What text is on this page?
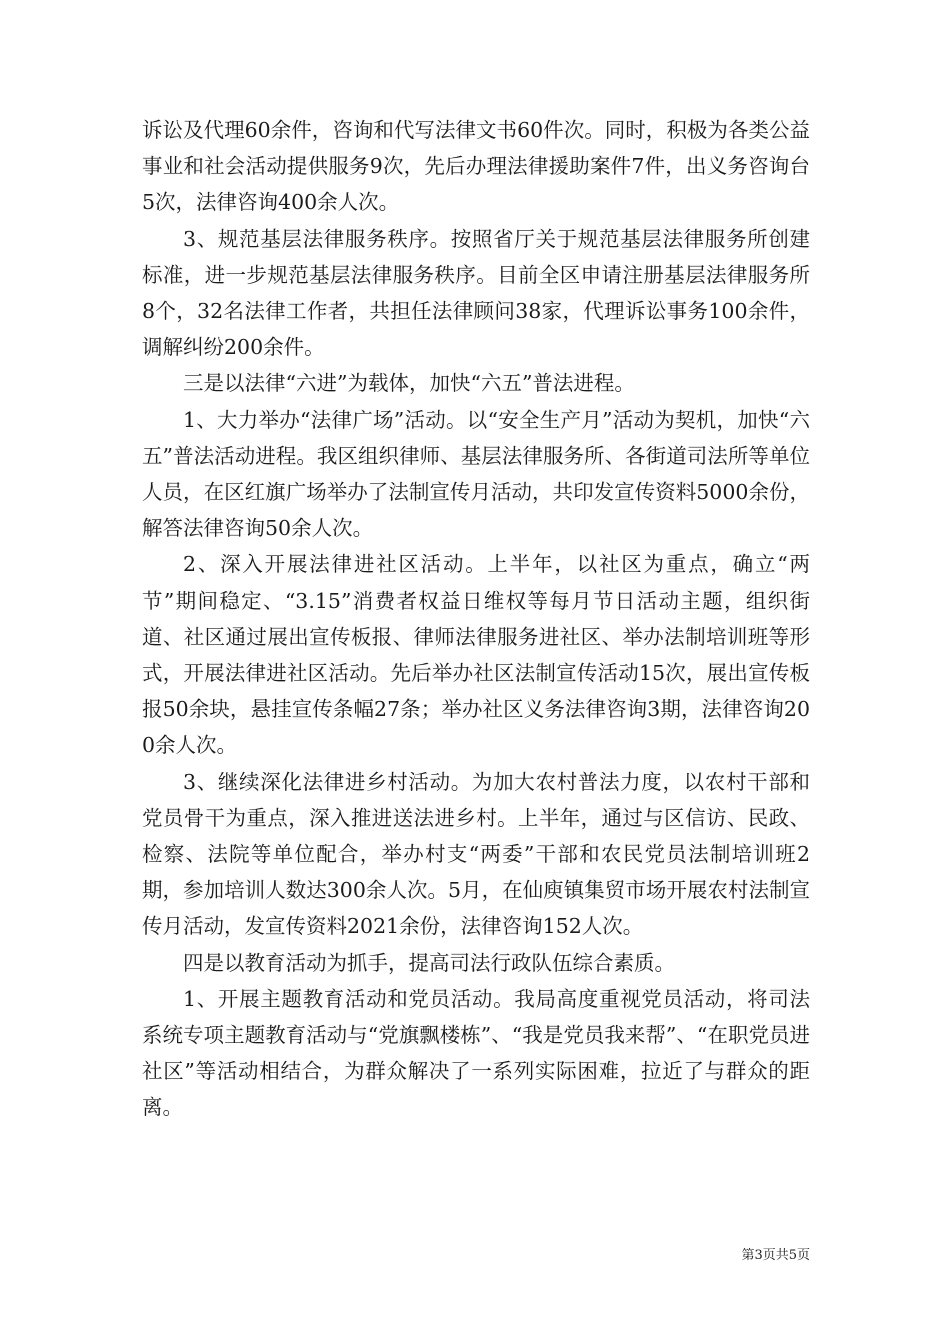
诉讼及代理60余件，咨询和代写法律文书60件次。同时，积极为各类公益事业和社会活动提供服务9次，先后办理法律援助案件7件，出义务咨询台5次，法律咨询400余人次。

3、规范基层法律服务秩序。按照省厅关于规范基层法律服务所创建标准，进一步规范基层法律服务秩序。目前全区申请注册基层法律服务所8个，32名法律工作者，共担任法律顾问38家，代理诉讼事务100余件，调解纠纷200余件。

三是以法律“六进”为载体，加快“六五”普法进程。

1、大力举办“法律广场”活动。以“安全生产月”活动为契机，加快“六五”普法活动进程。我区组织律师、基层法律服务所、各街道司法所等单位人员，在区红旗广场举办了法制宣传月活动，共印发宣传资料5000余份，解答法律咨询50余人次。

2、深入开展法律进社区活动。上半年，以社区为重点，确立“两节”期间稳定、“3.15”消费者权益日维权等每月节日活动主题，组织街道、社区通过展出宣传板报、律师法律服务进社区、举办法制培训班等形式，开展法律进社区活动。先后举办社区法制宣传活动15次，展出宣传板报50余块，悬挂宣传条幅27条；举办社区义务法律咨询3期，法律咨询200余人次。

3、继续深化法律进乡村活动。为加大农村普法力度，以农村干部和党员骨干为重点，深入推进送法进乡村。上半年，通过与区信访、民政、检察、法院等单位配合，举办村支“两委”干部和农民党员法制培训班2期，参加培训人数达300余人次。5月，在仙庾镇集贸市场开展农村法制宣传月活动，发宣传资料2021余份，法律咨询152人次。

四是以教育活动为抓手，提高司法行政队伍综合素质。

1、开展主题教育活动和党员活动。我局高度重视党员活动，将司法系统专项主题教育活动与“党旗飘楼栋”、“我是党员我来帮”、“在职党员进社区”等活动相结合，为群众解决了一系列实际困难，拉近了与群众的距离。

第3页共5页
